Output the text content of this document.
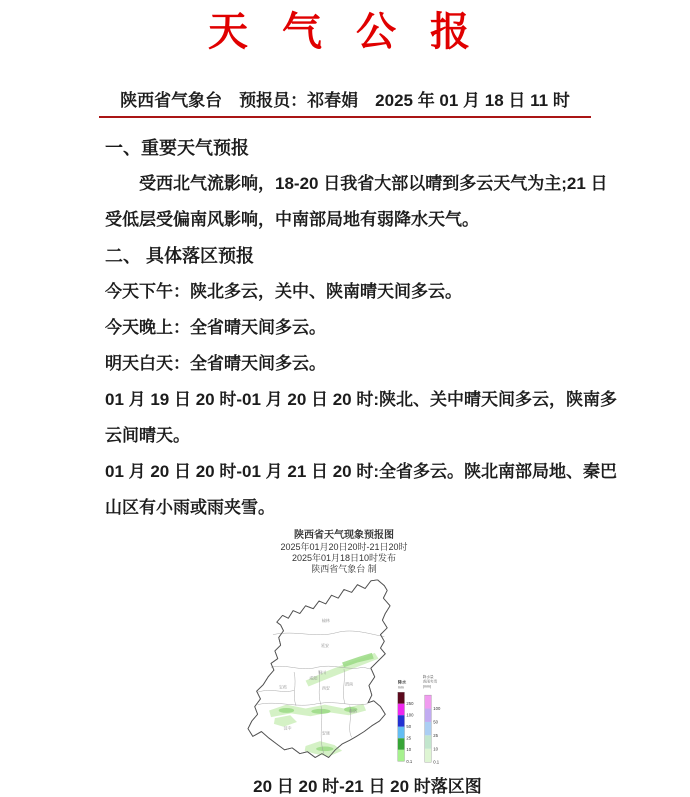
天 气 公 报
陕西省气象台　预报员：祁春娟　2025 年 01 月 18 日 11 时
一、重要天气预报

受西北气流影响，18-20 日我省大部以晴到多云天气为主;21 日受低层受偏南风影响，中南部局地有弱降水天气。

二、 具体落区预报

今天下午：陕北多云，关中、陕南晴天间多云。

今天晚上：全省晴天间多云。

明天白天：全省晴天间多云。

01 月 19 日 20 时-01 月 20 日 20 时:陕北、关中晴天间多云，陕南多云间晴天。

01 月 20 日 20 时-01 月 21 日 20 时:全省多云。陕北南部局地、秦巴山区有小雨或雨夹雪。

陕西省天气现象预报图
2025年01月20日20时-21日20时
2025年01月18日10时发布
陕西省气象台 制
榆林
延安
铜川
渭南
咸阳
西安
宝鸡
汉中
安康
商洛
降水
mm
250
100
50
25
10
0.1
降水量
或雨夹雪
(mm)
100
50
25
10
0.1
20 日 20 时-21 日 20 时落区图
